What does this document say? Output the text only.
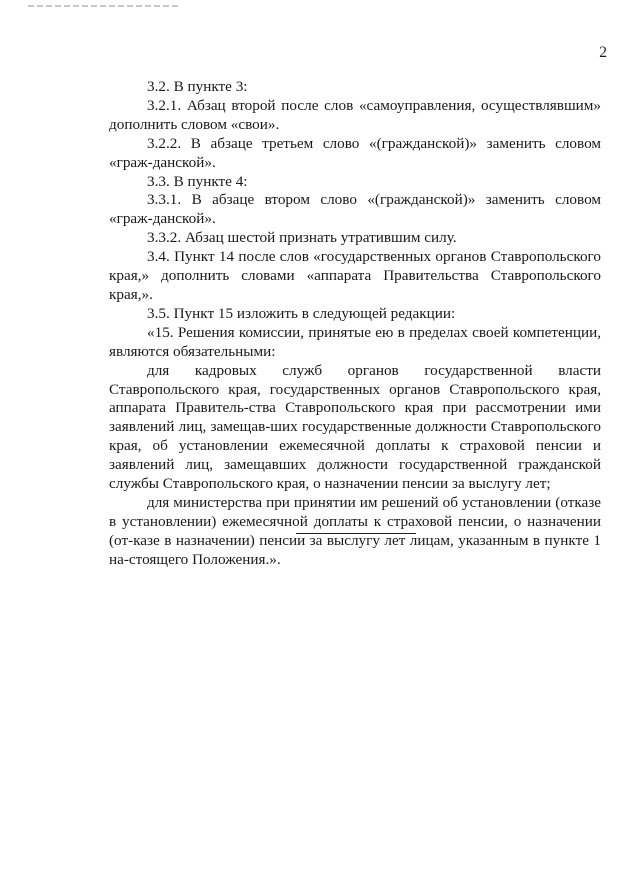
2

3.2. В пункте 3:

3.2.1. Абзац второй после слов «самоуправления, осуществлявшим» дополнить словом «свои».

3.2.2. В абзаце третьем слово «(гражданской)» заменить словом «граж-данской».

3.3. В пункте 4:

3.3.1. В абзаце втором слово «(гражданской)» заменить словом «граж-данской».

3.3.2. Абзац шестой признать утратившим силу.

3.4. Пункт 14 после слов «государственных органов Ставропольского края,» дополнить словами «аппарата Правительства Ставропольского края,».

3.5. Пункт 15 изложить в следующей редакции:

«15. Решения комиссии, принятые ею в пределах своей компетенции, являются обязательными:

для кадровых служб органов государственной власти Ставропольского края, государственных органов Ставропольского края, аппарата Правитель-ства Ставропольского края при рассмотрении ими заявлений лиц, замещав-ших государственные должности Ставропольского края, об установлении ежемесячной доплаты к страховой пенсии и заявлений лиц, замещавших должности государственной гражданской службы Ставропольского края, о назначении пенсии за выслугу лет;

для министерства при принятии им решений об установлении (отказе в установлении) ежемесячной доплаты к страховой пенсии, о назначении (от-казе в назначении) пенсии за выслугу лет лицам, указанным в пункте 1 на-стоящего Положения.».
